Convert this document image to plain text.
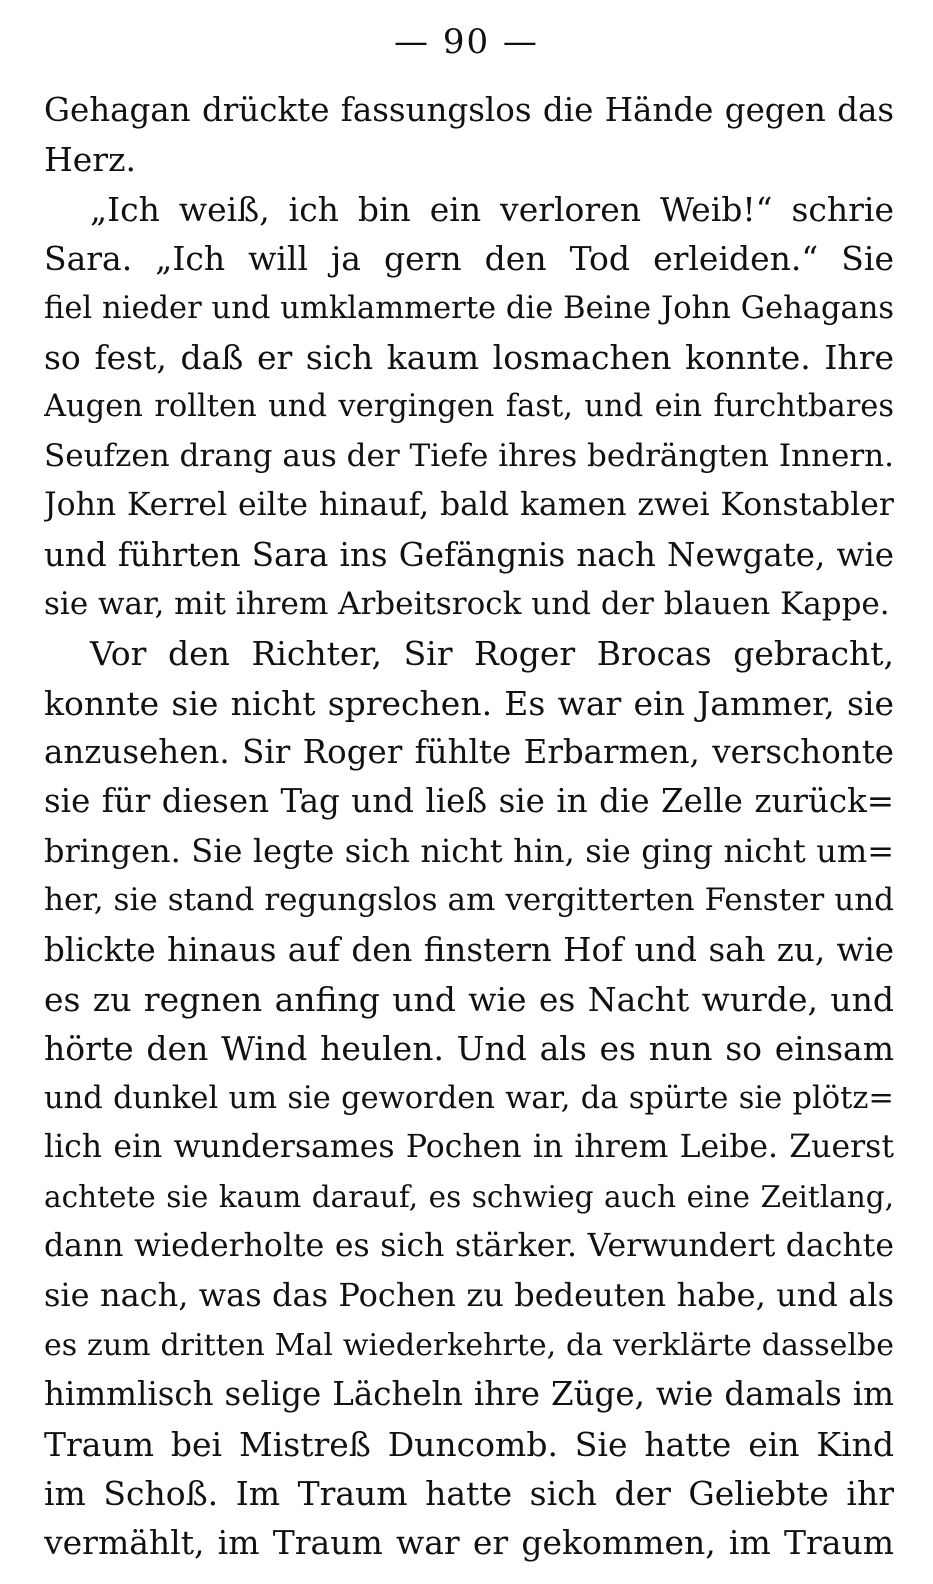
— 90 —
Gehagan drückte fassungslos die Hände gegen das
Herz.
„Ich weiß, ich bin ein verloren Weib!“ schrie
Sara. „Ich will ja gern den Tod erleiden.“ Sie
fiel nieder und umklammerte die Beine John Gehagans
so fest, daß er sich kaum losmachen konnte. Ihre
Augen rollten und vergingen fast, und ein furchtbares
Seufzen drang aus der Tiefe ihres bedrängten Innern.
John Kerrel eilte hinauf, bald kamen zwei Konstabler
und führten Sara ins Gefängnis nach Newgate, wie
sie war, mit ihrem Arbeitsrock und der blauen Kappe.
Vor den Richter, Sir Roger Brocas gebracht,
konnte sie nicht sprechen. Es war ein Jammer, sie
anzusehen. Sir Roger fühlte Erbarmen, verschonte
sie für diesen Tag und ließ sie in die Zelle zurück=
bringen. Sie legte sich nicht hin, sie ging nicht um=
her, sie stand regungslos am vergitterten Fenster und
blickte hinaus auf den finstern Hof und sah zu, wie
es zu regnen anfing und wie es Nacht wurde, und
hörte den Wind heulen. Und als es nun so einsam
und dunkel um sie geworden war, da spürte sie plötz=
lich ein wundersames Pochen in ihrem Leibe. Zuerst
achtete sie kaum darauf, es schwieg auch eine Zeitlang,
dann wiederholte es sich stärker. Verwundert dachte
sie nach, was das Pochen zu bedeuten habe, und als
es zum dritten Mal wiederkehrte, da verklärte dasselbe
himmlisch selige Lächeln ihre Züge, wie damals im
Traum bei Mistreß Duncomb. Sie hatte ein Kind
im Schoß. Im Traum hatte sich der Geliebte ihr
vermählt, im Traum war er gekommen, im Traum
